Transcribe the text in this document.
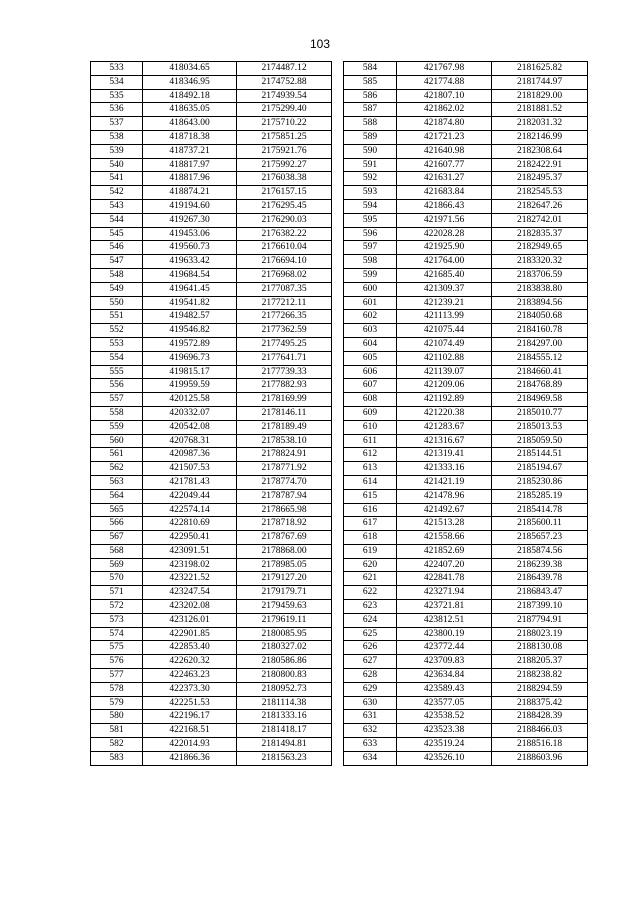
103
533	418034.65	2174487.12
534	418346.95	2174752.88
535	418492.18	2174939.54
536	418635.05	2175299.40
537	418643.00	2175710.22
538	418718.38	2175851.25
539	418737.21	2175921.76
540	418817.97	2175992.27
541	418817.96	2176038.38
542	418874.21	2176157.15
543	419194.60	2176295.45
544	419267.30	2176290.03
545	419453.06	2176382.22
546	419560.73	2176610.04
547	419633.42	2176694.10
548	419684.54	2176968.02
549	419641.45	2177087.35
550	419541.82	2177212.11
551	419482.57	2177266.35
552	419546.82	2177362.59
553	419572.89	2177495.25
554	419696.73	2177641.71
555	419815.17	2177739.33
556	419959.59	2177882.93
557	420125.58	2178169.99
558	420332.07	2178146.11
559	420542.08	2178189.49
560	420768.31	2178538.10
561	420987.36	2178824.91
562	421507.53	2178771.92
563	421781.43	2178774.70
564	422049.44	2178787.94
565	422574.14	2178665.98
566	422810.69	2178718.92
567	422950.41	2178767.69
568	423091.51	2178868.00
569	423198.02	2178985.05
570	423221.52	2179127.20
571	423247.54	2179179.71
572	423202.08	2179459.63
573	423126.01	2179619.11
574	422901.85	2180085.95
575	422853.40	2180327.02
576	422620.32	2180586.86
577	422463.23	2180800.83
578	422373.30	2180952.73
579	422251.53	2181114.38
580	422196.17	2181333.16
581	422168.51	2181418.17
582	422014.93	2181494.81
583	421866.36	2181563.23
584	421767.98	2181625.82
585	421774.88	2181744.97
586	421807.10	2181829.00
587	421862.02	2181881.52
588	421874.80	2182031.32
589	421721.23	2182146.99
590	421640.98	2182308.64
591	421607.77	2182422.91
592	421631.27	2182495.37
593	421683.84	2182545.53
594	421866.43	2182647.26
595	421971.56	2182742.01
596	422028.28	2182835.37
597	421925.90	2182949.65
598	421764.00	2183320.32
599	421685.40	2183706.59
600	421309.37	2183838.80
601	421239.21	2183894.56
602	421113.99	2184050.68
603	421075.44	2184160.78
604	421074.49	2184297.00
605	421102.88	2184555.12
606	421139.07	2184660.41
607	421209.06	2184768.89
608	421192.89	2184969.58
609	421220.38	2185010.77
610	421283.67	2185013.53
611	421316.67	2185059.50
612	421319.41	2185144.51
613	421333.16	2185194.67
614	421421.19	2185230.86
615	421478.96	2185285.19
616	421492.67	2185414.78
617	421513.28	2185600.11
618	421558.66	2185657.23
619	421852.69	2185874.56
620	422407.20	2186239.38
621	422841.78	2186439.78
622	423271.94	2186843.47
623	423721.81	2187399.10
624	423812.51	2187794.91
625	423800.19	2188023.19
626	423772.44	2188130.08
627	423709.83	2188205.37
628	423634.84	2188238.82
629	423589.43	2188294.59
630	423577.05	2188375.42
631	423538.52	2188428.39
632	423523.38	2188466.03
633	423519.24	2188516.18
634	423526.10	2188603.96
